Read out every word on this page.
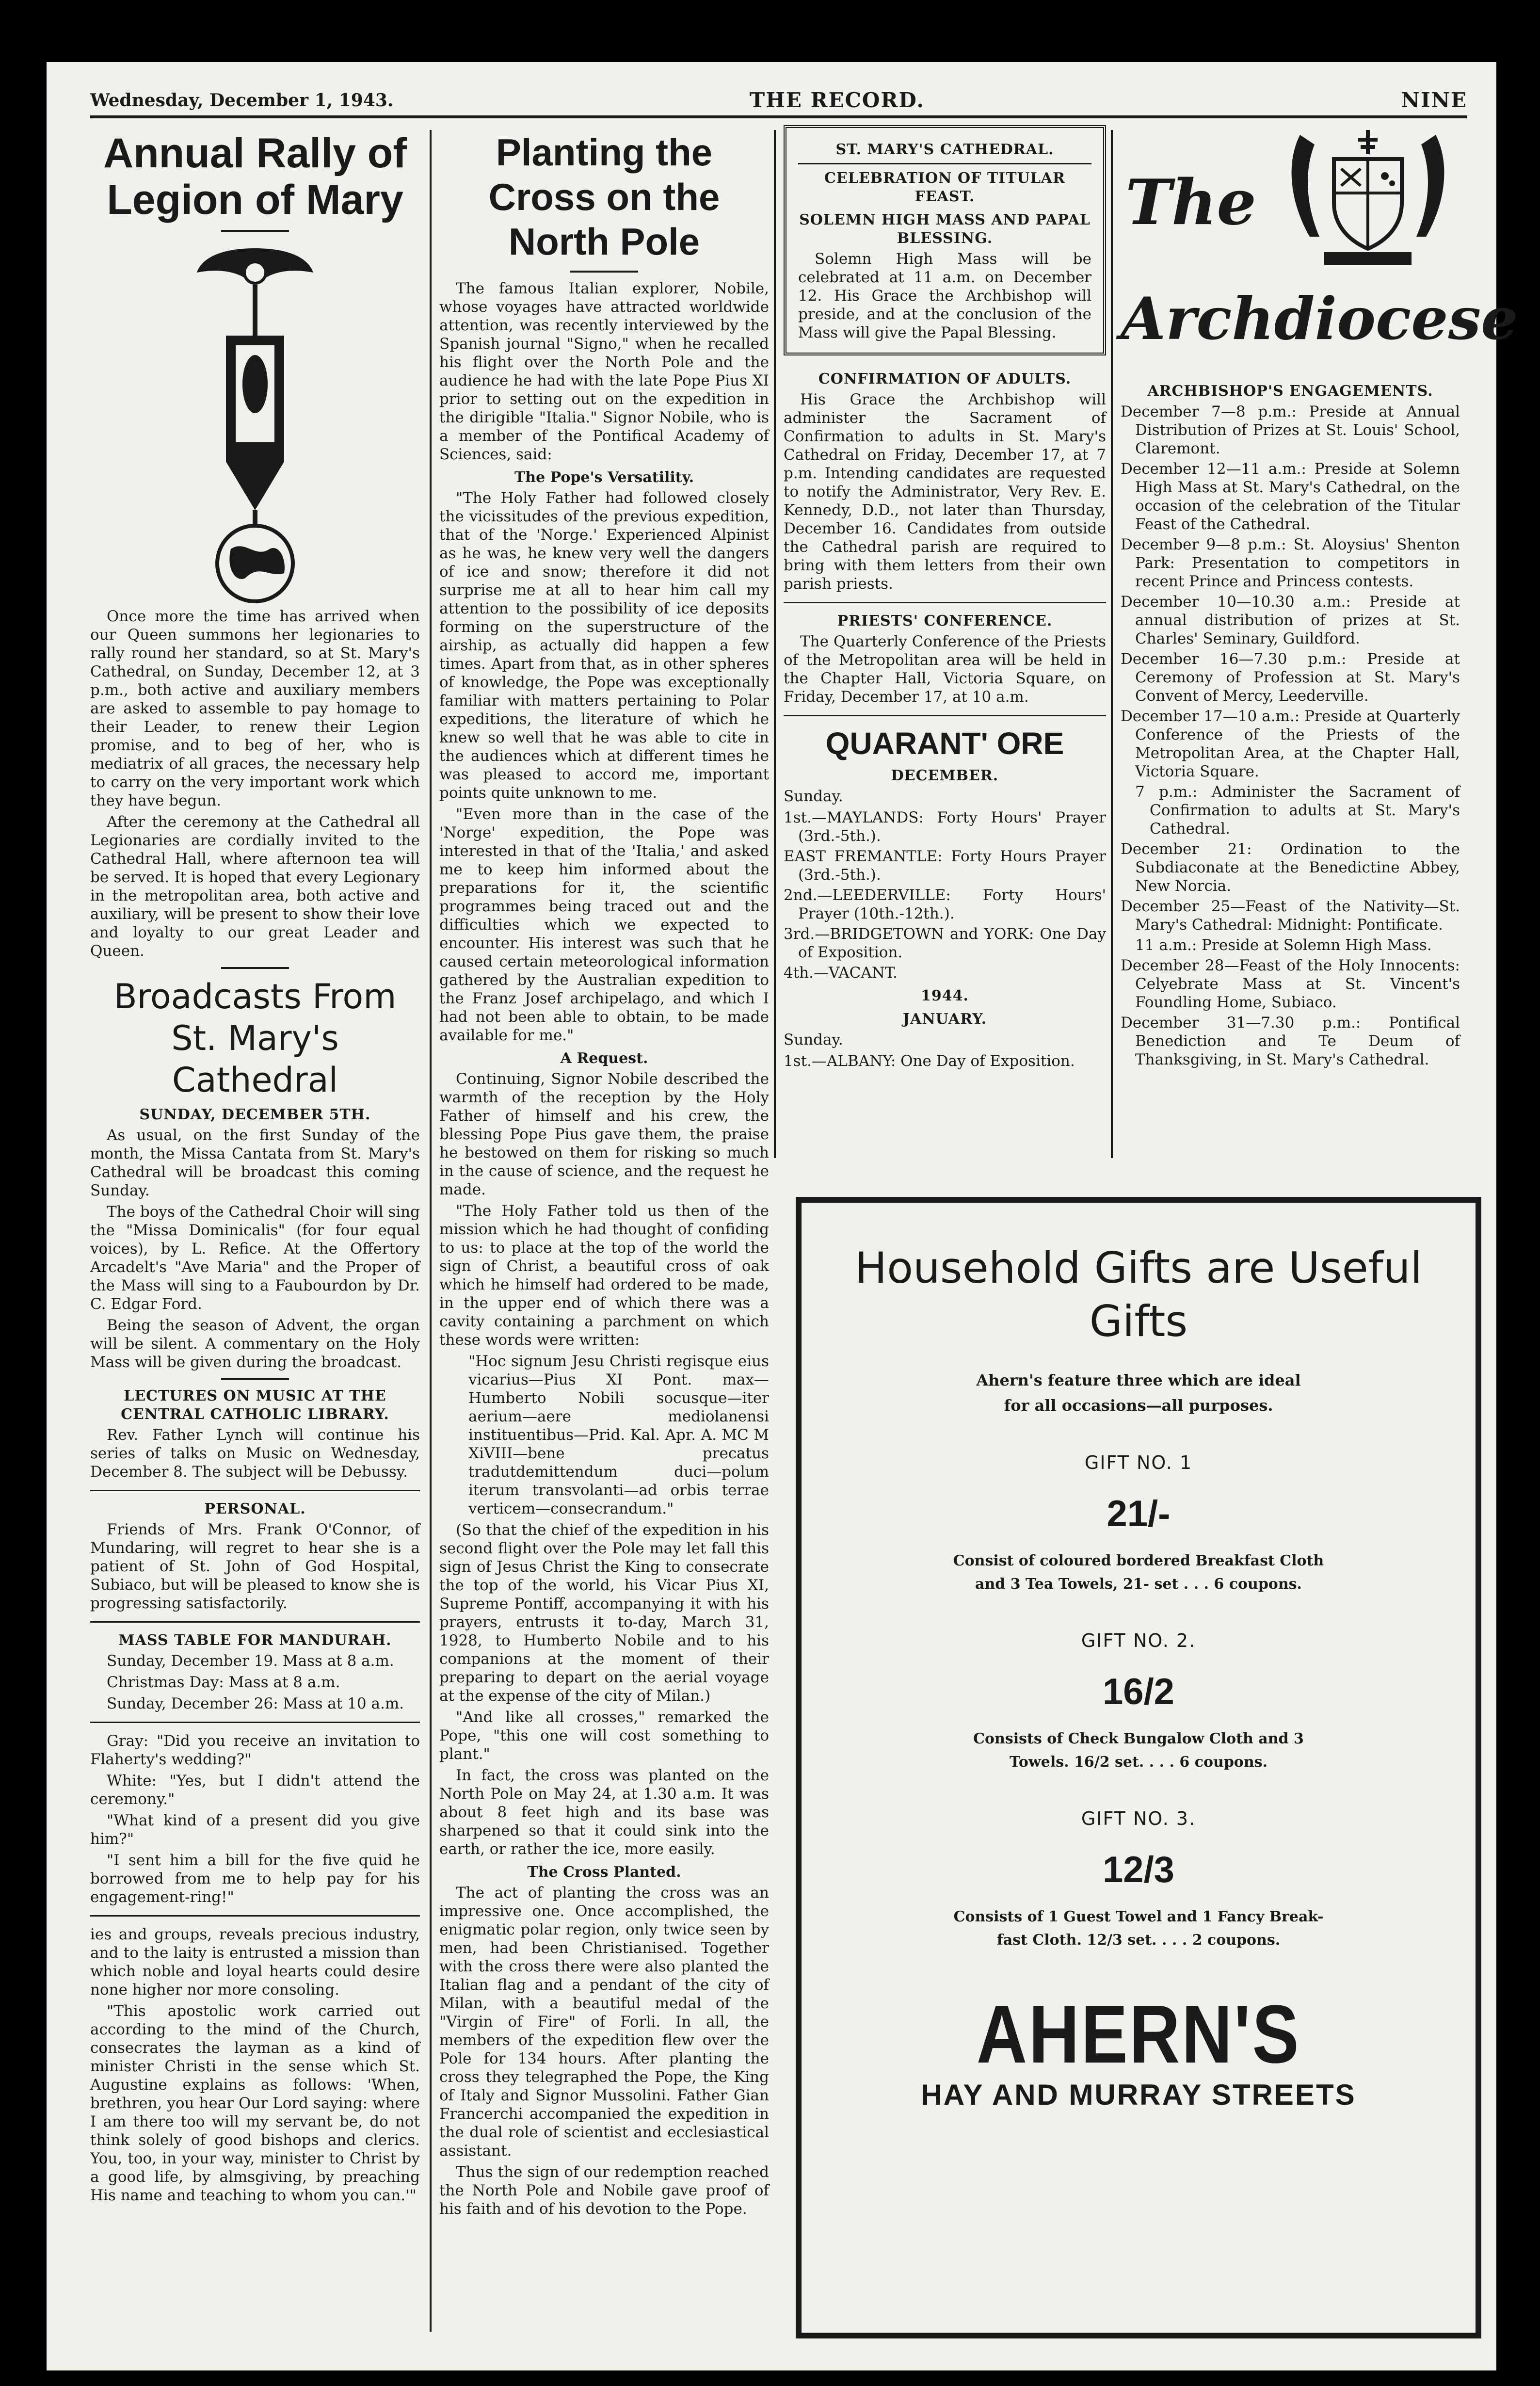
Wednesday, December 1, 1943.	THE RECORD.	NINE
Annual Rally of Legion of Mary

Once more the time has arrived when our Queen summons her legionaries to rally round her standard, so at St. Mary's Cathedral, on Sunday, December 12, at 3 p.m., both active and auxiliary members are asked to assemble to pay homage to their Leader, to renew their Legion promise, and to beg of her, who is mediatrix of all graces, the necessary help to carry on the very important work which they have begun.

After the ceremony at the Cathedral all Legionaries are cordially invited to the Cathedral Hall, where afternoon tea will be served. It is hoped that every Legionary in the metropolitan area, both active and auxiliary, will be present to show their love and loyalty to our great Leader and Queen.

Broadcasts From St. Mary's Cathedral
SUNDAY, DECEMBER 5TH.

As usual, on the first Sunday of the month, the Missa Cantata from St. Mary's Cathedral will be broadcast this coming Sunday.

The boys of the Cathedral Choir will sing the "Missa Dominicalis" (for four equal voices), by L. Refice. At the Offertory Arcadelt's "Ave Maria" and the Proper of the Mass will sing to a Faubourdon by Dr. C. Edgar Ford.

Being the season of Advent, the organ will be silent. A commentary on the Holy Mass will be given during the broadcast.

LECTURES ON MUSIC AT THE CENTRAL CATHOLIC LIBRARY.

Rev. Father Lynch will continue his series of talks on Music on Wednesday, December 8. The subject will be Debussy.

PERSONAL.

Friends of Mrs. Frank O'Connor, of Mundaring, will regret to hear she is a patient of St. John of God Hospital, Subiaco, but will be pleased to know she is progressing satisfactorily.

MASS TABLE FOR MANDURAH.

Sunday, December 19. Mass at 8 a.m.

Christmas Day: Mass at 8 a.m.

Sunday, December 26: Mass at 10 a.m.

Gray: "Did you receive an invitation to Flaherty's wedding?"

White: "Yes, but I didn't attend the ceremony."

"What kind of a present did you give him?"

"I sent him a bill for the five quid he borrowed from me to help pay for his engagement-ring!"

ies and groups, reveals precious industry, and to the laity is entrusted a mission than which noble and loyal hearts could desire none higher nor more consoling.

"This apostolic work carried out according to the mind of the Church, consecrates the layman as a kind of minister Christi in the sense which St. Augustine explains as follows: 'When, brethren, you hear Our Lord saying: where I am there too will my servant be, do not think solely of good bishops and clerics. You, too, in your way, minister to Christ by a good life, by almsgiving, by preaching His name and teaching to whom you can.'"

Planting the Cross on the North Pole

The famous Italian explorer, Nobile, whose voyages have attracted worldwide attention, was recently interviewed by the Spanish journal "Signo," when he recalled his flight over the North Pole and the audience he had with the late Pope Pius XI prior to setting out on the expedition in the dirigible "Italia." Signor Nobile, who is a member of the Pontifical Academy of Sciences, said:

The Pope's Versatility.

"The Holy Father had followed closely the vicissitudes of the previous expedition, that of the 'Norge.' Experienced Alpinist as he was, he knew very well the dangers of ice and snow; therefore it did not surprise me at all to hear him call my attention to the possibility of ice deposits forming on the superstructure of the airship, as actually did happen a few times. Apart from that, as in other spheres of knowledge, the Pope was exceptionally familiar with matters pertaining to Polar expeditions, the literature of which he knew so well that he was able to cite in the audiences which at different times he was pleased to accord me, important points quite unknown to me.

"Even more than in the case of the 'Norge' expedition, the Pope was interested in that of the 'Italia,' and asked me to keep him informed about the preparations for it, the scientific programmes being traced out and the difficulties which we expected to encounter. His interest was such that he caused certain meteorological information gathered by the Australian expedition to the Franz Josef archipelago, and which I had not been able to obtain, to be made available for me."

A Request.

Continuing, Signor Nobile described the warmth of the reception by the Holy Father of himself and his crew, the blessing Pope Pius gave them, the praise he bestowed on them for risking so much in the cause of science, and the request he made.

"The Holy Father told us then of the mission which he had thought of confiding to us: to place at the top of the world the sign of Christ, a beautiful cross of oak which he himself had ordered to be made, in the upper end of which there was a cavity containing a parchment on which these words were written:

"Hoc signum Jesu Christi regisque eius vicarius—Pius XI Pont. max—Humberto Nobili socusque—iter aerium—aere mediolanensi instituentibus—Prid. Kal. Apr. A. MC M XiVIII—bene precatus tradutdemittendum duci—polum iterum transvolanti—ad orbis terrae verticem—consecrandum."

(So that the chief of the expedition in his second flight over the Pole may let fall this sign of Jesus Christ the King to consecrate the top of the world, his Vicar Pius XI, Supreme Pontiff, accompanying it with his prayers, entrusts it to-day, March 31, 1928, to Humberto Nobile and to his companions at the moment of their preparing to depart on the aerial voyage at the expense of the city of Milan.)

"And like all crosses," remarked the Pope, "this one will cost something to plant."

In fact, the cross was planted on the North Pole on May 24, at 1.30 a.m. It was about 8 feet high and its base was sharpened so that it could sink into the earth, or rather the ice, more easily.

The Cross Planted.

The act of planting the cross was an impressive one. Once accomplished, the enigmatic polar region, only twice seen by men, had been Christianised. Together with the cross there were also planted the Italian flag and a pendant of the city of Milan, with a beautiful medal of the "Virgin of Fire" of Forli. In all, the members of the expedition flew over the Pole for 134 hours. After planting the cross they telegraphed the Pope, the King of Italy and Signor Mussolini. Father Gian Francerchi accompanied the expedition in the dual role of scientist and ecclesiastical assistant.

Thus the sign of our redemption reached the North Pole and Nobile gave proof of his faith and of his devotion to the Pope.

ST. MARY'S CATHEDRAL.
CELEBRATION OF TITULAR FEAST.
SOLEMN HIGH MASS AND PAPAL BLESSING.

Solemn High Mass will be celebrated at 11 a.m. on December 12. His Grace the Archbishop will preside, and at the conclusion of the Mass will give the Papal Blessing.

CONFIRMATION OF ADULTS.

His Grace the Archbishop will administer the Sacrament of Confirmation to adults in St. Mary's Cathedral on Friday, December 17, at 7 p.m. Intending candidates are requested to notify the Administrator, Very Rev. E. Kennedy, D.D., not later than Thursday, December 16. Candidates from outside the Cathedral parish are required to bring with them letters from their own parish priests.

PRIESTS' CONFERENCE.

The Quarterly Conference of the Priests of the Metropolitan area will be held in the Chapter Hall, Victoria Square, on Friday, December 17, at 10 a.m.

QUARANT' ORE
DECEMBER.

Sunday.

1st.—MAYLANDS: Forty Hours' Prayer (3rd.-5th.).

EAST FREMANTLE: Forty Hours Prayer (3rd.-5th.).

2nd.—LEEDERVILLE: Forty Hours' Prayer (10th.-12th.).

3rd.—BRIDGETOWN and YORK: One Day of Exposition.

4th.—VACANT.

1944.
JANUARY.

Sunday.

1st.—ALBANY: One Day of Exposition.

The
Archdiocese
ARCHBISHOP'S ENGAGEMENTS.

December 7—8 p.m.: Preside at Annual Distribution of Prizes at St. Louis' School, Claremont.

December 12—11 a.m.: Preside at Solemn High Mass at St. Mary's Cathedral, on the occasion of the celebration of the Titular Feast of the Cathedral.

December 9—8 p.m.: St. Aloysius' Shenton Park: Presentation to competitors in recent Prince and Princess contests.

December 10—10.30 a.m.: Preside at annual distribution of prizes at St. Charles' Seminary, Guildford.

December 16—7.30 p.m.: Preside at Ceremony of Profession at St. Mary's Convent of Mercy, Leederville.

December 17—10 a.m.: Preside at Quarterly Conference of the Priests of the Metropolitan Area, at the Chapter Hall, Victoria Square.

7 p.m.: Administer the Sacrament of Confirmation to adults at St. Mary's Cathedral.

December 21: Ordination to the Subdiaconate at the Benedictine Abbey, New Norcia.

December 25—Feast of the Nativity—St. Mary's Cathedral: Midnight: Pontificate.

11 a.m.: Preside at Solemn High Mass.

December 28—Feast of the Holy Innocents: Celyebrate Mass at St. Vincent's Foundling Home, Subiaco.

December 31—7.30 p.m.: Pontifical Benediction and Te Deum of Thanksgiving, in St. Mary's Cathedral.

Household Gifts are Useful Gifts
Ahern's feature three which are ideal
for all occasions—all purposes.
GIFT NO. 1
21/-
Consist of coloured bordered Breakfast Cloth
and 3 Tea Towels, 21- set . . . 6 coupons.
GIFT NO. 2.
16/2
Consists of Check Bungalow Cloth and 3
Towels. 16/2 set. . . . 6 coupons.
GIFT NO. 3.
12/3
Consists of 1 Guest Towel and 1 Fancy Break-
fast Cloth. 12/3 set. . . . 2 coupons.
AHERN'S
HAY AND MURRAY STREETS
